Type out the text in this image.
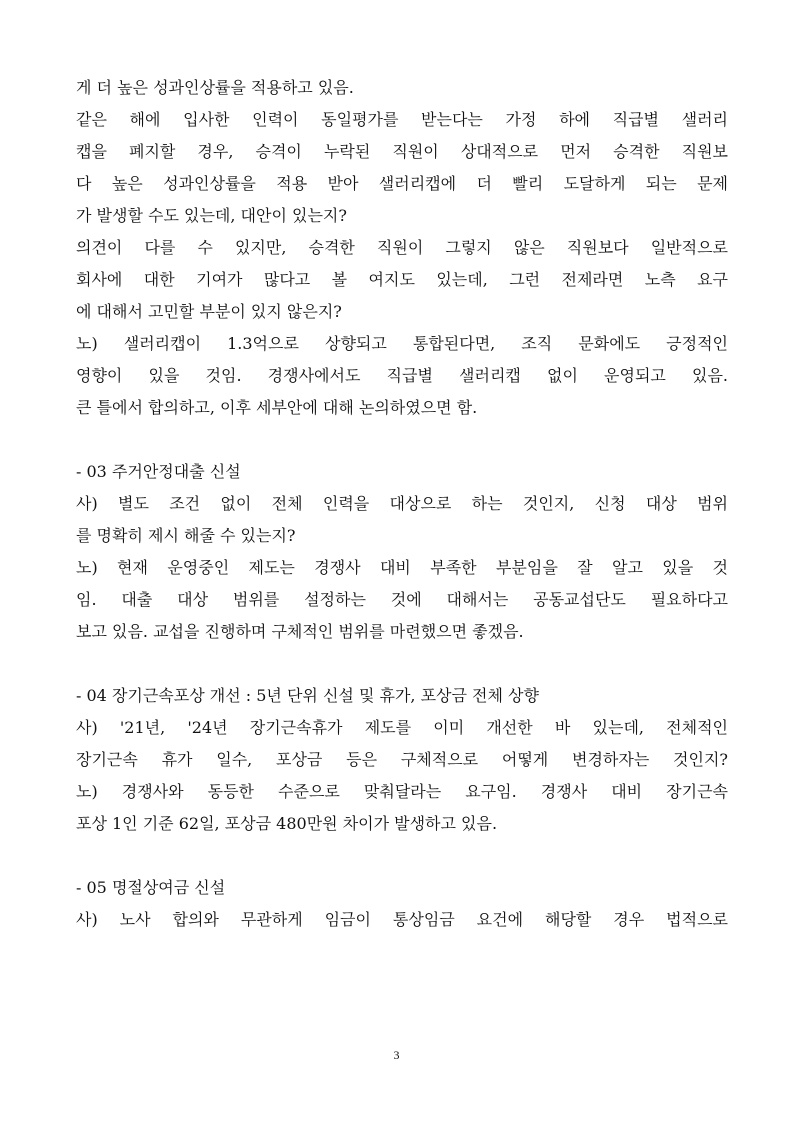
게 더 높은 성과인상률을 적용하고 있음.
같은 해에 입사한 인력이 동일평가를 받는다는 가정 하에 직급별 샐러리
캡을 폐지할 경우, 승격이 누락된 직원이 상대적으로 먼저 승격한 직원보
다 높은 성과인상률을 적용 받아 샐러리캡에 더 빨리 도달하게 되는 문제
가 발생할 수도 있는데, 대안이 있는지?
의견이 다를 수 있지만, 승격한 직원이 그렇지 않은 직원보다 일반적으로
회사에 대한 기여가 많다고 볼 여지도 있는데, 그런 전제라면 노측 요구
에 대해서 고민할 부분이 있지 않은지?
노) 샐러리캡이 1.3억으로 상향되고 통합된다면, 조직 문화에도 긍정적인
영향이 있을 것임. 경쟁사에서도 직급별 샐러리캡 없이 운영되고 있음.
큰 틀에서 합의하고, 이후 세부안에 대해 논의하였으면 함.
- 03 주거안정대출 신설
사) 별도 조건 없이 전체 인력을 대상으로 하는 것인지, 신청 대상 범위
를 명확히 제시 해줄 수 있는지?
노) 현재 운영중인 제도는 경쟁사 대비 부족한 부분임을 잘 알고 있을 것
임. 대출 대상 범위를 설정하는 것에 대해서는 공동교섭단도 필요하다고
보고 있음. 교섭을 진행하며 구체적인 범위를 마련했으면 좋겠음.
- 04 장기근속포상 개선 : 5년 단위 신설 및 휴가, 포상금 전체 상향
사) '21년, '24년 장기근속휴가 제도를 이미 개선한 바 있는데, 전체적인
장기근속 휴가 일수, 포상금 등은 구체적으로 어떻게 변경하자는 것인지?
노) 경쟁사와 동등한 수준으로 맞춰달라는 요구임. 경쟁사 대비 장기근속
포상 1인 기준 62일, 포상금 480만원 차이가 발생하고 있음.
- 05 명절상여금 신설
사) 노사 합의와 무관하게 임금이 통상임금 요건에 해당할 경우 법적으로
3
